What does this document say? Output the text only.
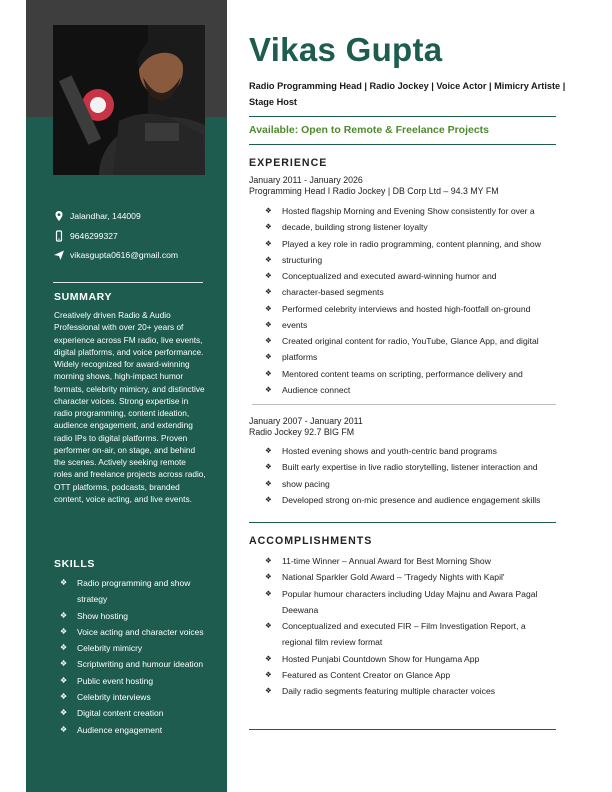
Jalandhar, 144009
9646299327
vikasgupta0616@gmail.com
SUMMARY

Creatively driven Radio & Audio Professional with over 20+ years of experience across FM radio, live events, digital platforms, and voice performance. Widely recognized for award-winning morning shows, high-impact humor formats, celebrity mimicry, and distinctive character voices. Strong expertise in radio programming, content ideation, audience engagement, and extending radio IPs to digital platforms. Proven performer on-air, on stage, and behind the scenes. Actively seeking remote roles and freelance projects across radio, OTT platforms, podcasts, branded content, voice acting, and live events.

SKILLS
❖ Radio programming and show strategy
❖ Show hosting
❖ Voice acting and character voices
❖ Celebrity mimicry
❖ Scriptwriting and humour ideation
❖ Public event hosting
❖ Celebrity interviews
❖ Digital content creation
❖ Audience engagement
Vikas Gupta

Radio Programming Head | Radio Jockey | Voice Actor | Mimicry Artiste | Stage Host

Available: Open to Remote & Freelance Projects

EXPERIENCE
January 2011 - January 2026
Programming Head I Radio Jockey | DB Corp Ltd – 94.3 MY FM
❖ Hosted flagship Morning and Evening Show consistently for over a
❖ decade, building strong listener loyalty
❖ Played a key role in radio programming, content planning, and show
❖ structuring
❖ Conceptualized and executed award-winning humor and
❖ character-based segments
❖ Performed celebrity interviews and hosted high-footfall on-ground
❖ events
❖ Created original content for radio, YouTube, Glance App, and digital
❖ platforms
❖ Mentored content teams on scripting, performance delivery and
❖ Audience connect
January 2007 - January 2011
Radio Jockey 92.7 BIG FM
❖ Hosted evening shows and youth-centric band programs
❖ Built early expertise in live radio storytelling, listener interaction and
❖ show pacing
❖ Developed strong on-mic presence and audience engagement skills
ACCOMPLISHMENTS
❖ 11-time Winner – Annual Award for Best Morning Show
❖ National Sparkler Gold Award – 'Tragedy Nights with Kapil'
❖ Popular humour characters including Uday Majnu and Awara Pagal
Deewana
❖ Conceptualized and executed FIR – Film Investigation Report, a
regional film review format
❖ Hosted Punjabi Countdown Show for Hungama App
❖ Featured as Content Creator on Glance App
❖ Daily radio segments featuring multiple character voices
